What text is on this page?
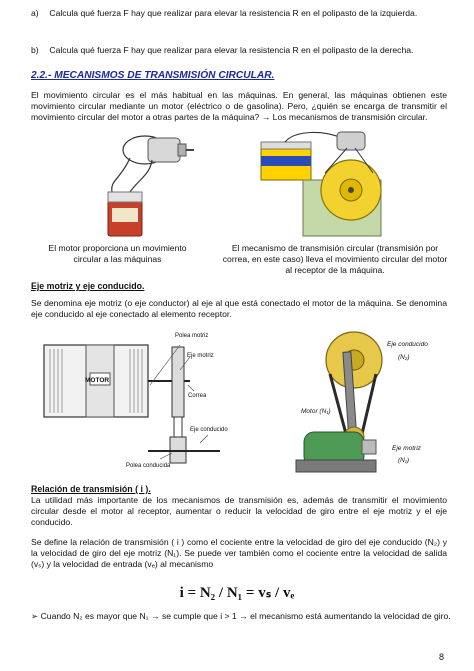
a) Calcula qué fuerza F hay que realizar para elevar la resistencia R en el polipasto de la izquierda.
b) Calcula qué fuerza F hay que realizar para elevar la resistencia R en el polipasto de la derecha.
2.2.- MECANISMOS DE TRANSMISIÓN CIRCULAR.
El movimiento circular es el más habitual en las máquinas. En general, las máquinas obtienen este movimiento circular mediante un motor (eléctrico o de gasolina). Pero, ¿quién se encarga de transmitir el movimiento circular del motor a otras partes de la máquina? → Los mecanismos de transmisión circular.
El motor proporciona un movimiento circular a las máquinas
El mecanismo de transmisión circular (transmisión por correa, en este caso) lleva el movimiento circular del motor al receptor de la máquina.
Eje motriz y eje conducido.
Se denomina eje motriz (o eje conductor) al eje al que está conectado el motor de la máquina. Se denomina eje conducido al eje conectado al elemento receptor.
MOTOR
Polea motriz
Eje motriz
Correa
Eje conducido
Polea conducida
Eje conducido
(N₂)
Motor (N₁)
Eje motriz
(N₁)
Relación de transmisión ( i ).
La utilidad más importante de los mecanismos de transmisión es, además de transmitir el movimiento circular desde el motor al receptor, aumentar o reducir la velocidad de giro entre el eje motriz y el eje conducido.
Se define la relación de transmisión ( i ) como el cociente entre la velocidad de giro del eje conducido (N₂) y la velocidad de giro del eje motriz (N₁). Se puede ver también como el cociente entre la velocidad de salida (vₛ) y la velocidad de entrada (vₑ) al mecanismo
i = N₂ / N₁ = vₛ / vₑ
➢ Cuando N₂ es mayor que N₁ → se cumple que i > 1 → el mecanismo está aumentando la velocidad de giro.
8
